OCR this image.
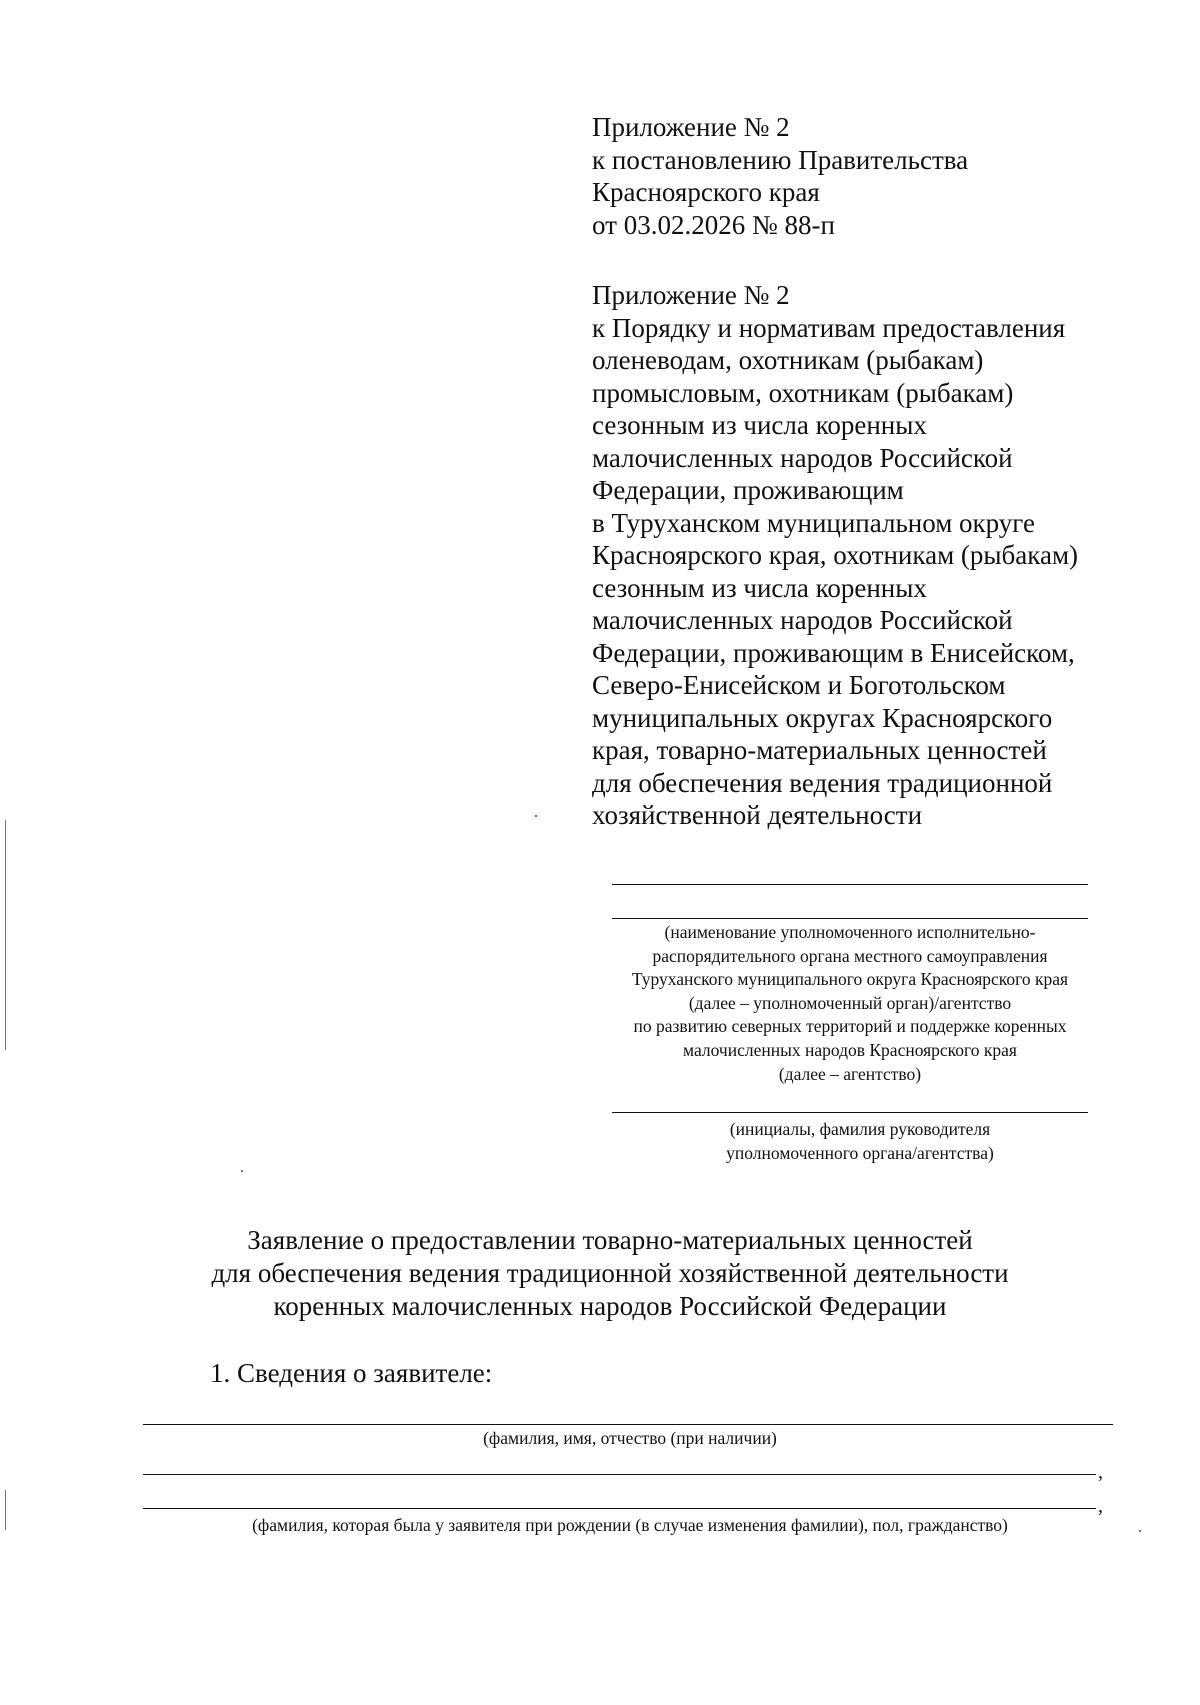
Приложение № 2
к постановлению Правительства
Красноярского края
от 03.02.2026 № 88-п
Приложение № 2
к Порядку и нормативам предоставления
оленеводам, охотникам (рыбакам)
промысловым, охотникам (рыбакам)
сезонным из числа коренных
малочисленных народов Российской
Федерации, проживающим
в Туруханском муниципальном округе
Красноярского края, охотникам (рыбакам)
сезонным из числа коренных
малочисленных народов Российской
Федерации, проживающим в Енисейском,
Северо-Енисейском и Боготольском
муниципальных округах Красноярского
края, товарно-материальных ценностей
для обеспечения ведения традиционной
хозяйственной деятельности
(наименование уполномоченного исполнительно-
распорядительного органа местного самоуправления
Туруханского муниципального округа Красноярского края
(далее – уполномоченный орган)/агентство
по развитию северных территорий и поддержке коренных
малочисленных народов Красноярского края
(далее – агентство)
(инициалы, фамилия руководителя
уполномоченного органа/агентства)
Заявление о предоставлении товарно-материальных ценностей
для обеспечения ведения традиционной хозяйственной деятельности
коренных малочисленных народов Российской Федерации
1. Сведения о заявителе:
(фамилия, имя, отчество (при наличии)
,
,
(фамилия, которая была у заявителя при рождении (в случае изменения фамилии), пол, гражданство)
